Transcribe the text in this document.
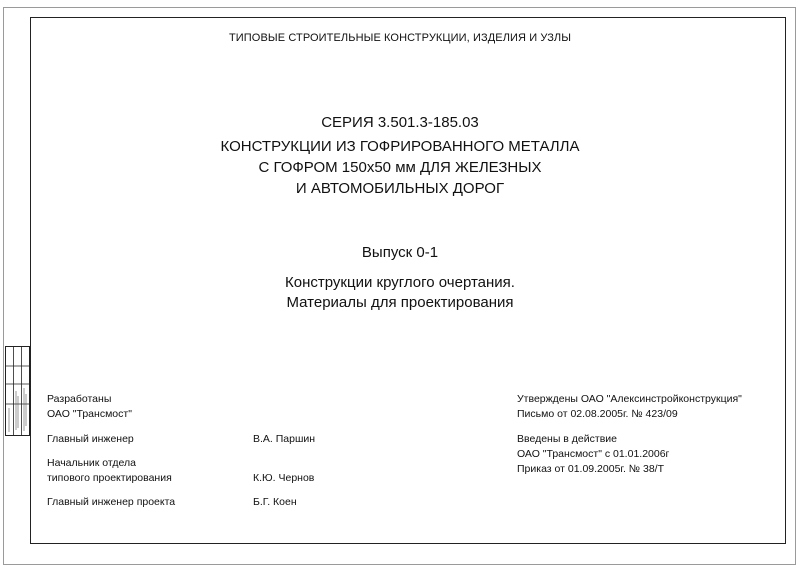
ТИПОВЫЕ СТРОИТЕЛЬНЫЕ КОНСТРУКЦИИ, ИЗДЕЛИЯ И УЗЛЫ
СЕРИЯ 3.501.3-185.03
КОНСТРУКЦИИ ИЗ ГОФРИРОВАННОГО МЕТАЛЛА
С ГОФРОМ 150х50 мм ДЛЯ ЖЕЛЕЗНЫХ
И АВТОМОБИЛЬНЫХ ДОРОГ
Выпуск 0-1
Конструкции круглого очертания.
Материалы для проектирования
Разработаны
ОАО "Трансмост"
Главный инженер	В.А. Паршин
Начальник отдела
типового проектирования	К.Ю. Чернов
Главный инженер проекта	Б.Г. Коен
Утверждены ОАО "Алексинстройконструкция"
Письмо от 02.08.2005г. № 423/09
Введены в действие
ОАО "Трансмост" с 01.01.2006г
Приказ от 01.09.2005г. № 38/Т
